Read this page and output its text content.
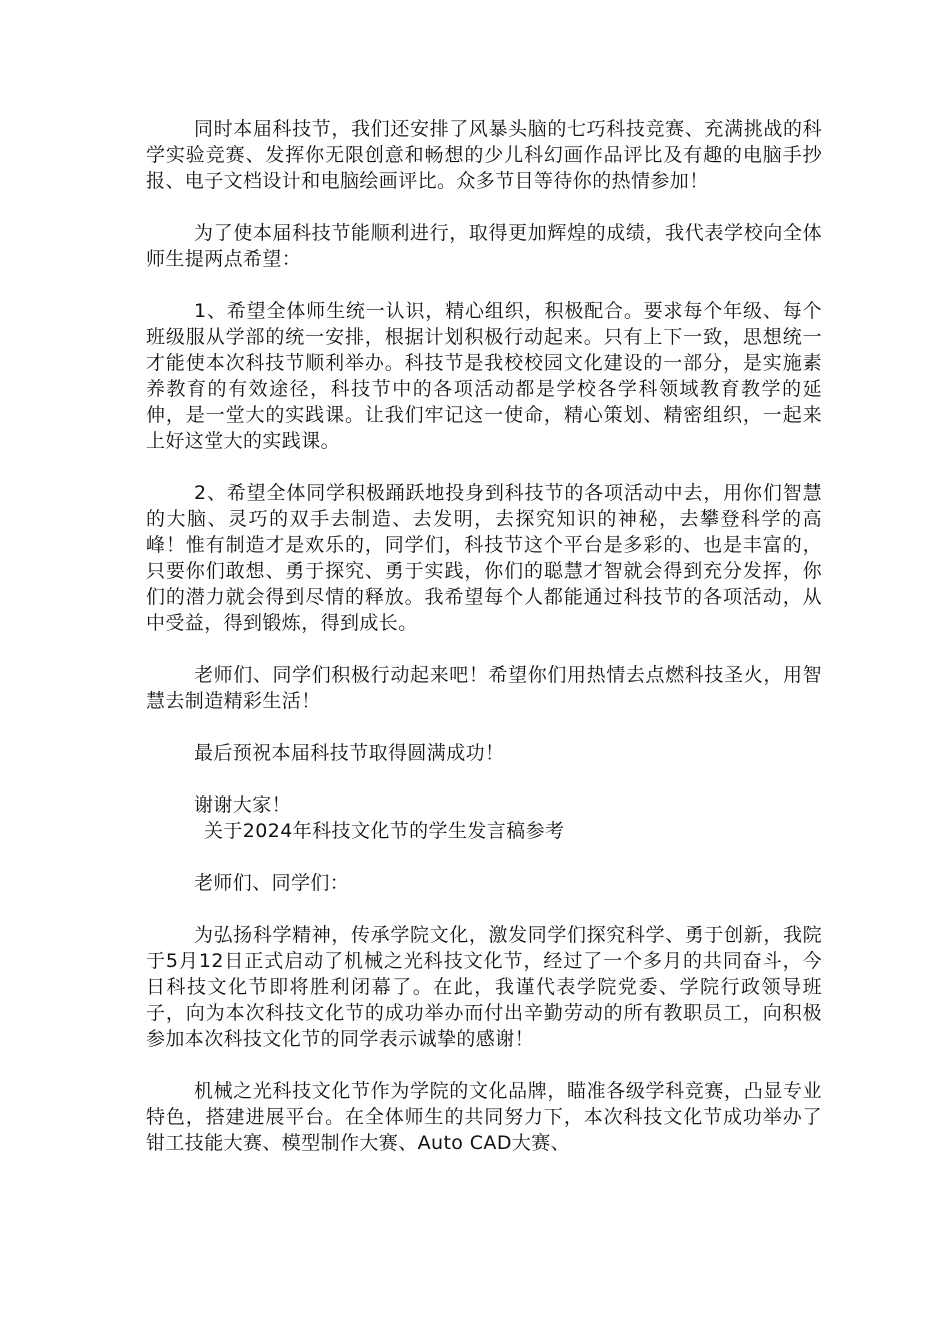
同时本届科技节，我们还安排了风暴头脑的七巧科技竞赛、充满挑战的科学实验竞赛、发挥你无限创意和畅想的少儿科幻画作品评比及有趣的电脑手抄报、电子文档设计和电脑绘画评比。众多节目等待你的热情参加！

为了使本届科技节能顺利进行，取得更加辉煌的成绩，我代表学校向全体师生提两点希望：

1、希望全体师生统一认识，精心组织，积极配合。要求每个年级、每个班级服从学部的统一安排，根据计划积极行动起来。只有上下一致，思想统一才能使本次科技节顺利举办。科技节是我校校园文化建设的一部分，是实施素养教育的有效途径，科技节中的各项活动都是学校各学科领域教育教学的延伸，是一堂大的实践课。让我们牢记这一使命，精心策划、精密组织，一起来上好这堂大的实践课。

2、希望全体同学积极踊跃地投身到科技节的各项活动中去，用你们智慧的大脑、灵巧的双手去制造、去发明，去探究知识的神秘，去攀登科学的高峰！惟有制造才是欢乐的，同学们，科技节这个平台是多彩的、也是丰富的，只要你们敢想、勇于探究、勇于实践，你们的聪慧才智就会得到充分发挥，你们的潜力就会得到尽情的释放。我希望每个人都能通过科技节的各项活动，从中受益，得到锻炼，得到成长。

老师们、同学们积极行动起来吧！希望你们用热情去点燃科技圣火，用智慧去制造精彩生活！

最后预祝本届科技节取得圆满成功！

谢谢大家！

关于2024年科技文化节的学生发言稿参考

老师们、同学们：

为弘扬科学精神，传承学院文化，激发同学们探究科学、勇于创新，我院于5月12日正式启动了机械之光科技文化节，经过了一个多月的共同奋斗，今日科技文化节即将胜利闭幕了。在此，我谨代表学院党委、学院行政领导班子，向为本次科技文化节的成功举办而付出辛勤劳动的所有教职员工，向积极参加本次科技文化节的同学表示诚挚的感谢！

机械之光科技文化节作为学院的文化品牌，瞄准各级学科竞赛，凸显专业特色，搭建进展平台。在全体师生的共同努力下，本次科技文化节成功举办了钳工技能大赛、模型制作大赛、Auto CAD大赛、
